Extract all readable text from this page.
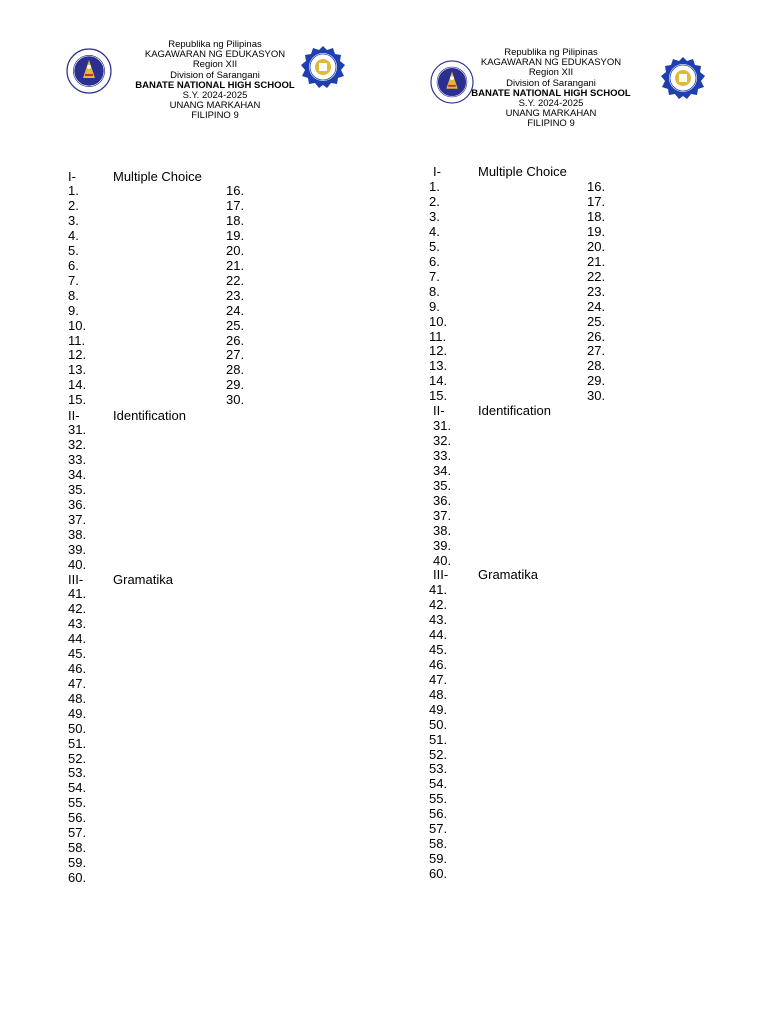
Republika ng Pilipinas
KAGAWARAN NG EDUKASYON
Region XII
Division of Sarangani
BANATE NATIONAL HIGH SCHOOL
S.Y. 2024-2025
UNANG MARKAHAN
FILIPINO 9
I-	Multiple Choice
1.
2.
3.
4.
5.
6.
7.
8.
9.
10.
11.
12.
13.
14.
15.
16.
17.
18.
19.
20.
21.
22.
23.
24.
25.
26.
27.
28.
29.
30.
II-	Identification
31.
32.
33.
34.
35.
36.
37.
38.
39.
40.
III- Gramatika
41.
42.
43.
44.
45.
46.
47.
48.
49.
50.
51.
52.
53.
54.
55.
56.
57.
58.
59.
60.
Republika ng Pilipinas
KAGAWARAN NG EDUKASYON
Region XII
Division of Sarangani
BANATE NATIONAL HIGH SCHOOL
S.Y. 2024-2025
UNANG MARKAHAN
FILIPINO 9
I-	Multiple Choice
1.
2.
3.
4.
5.
6.
7.
8.
9.
10.
11.
12.
13.
14.
15.
16.
17.
18.
19.
20.
21.
22.
23.
24.
25.
26.
27.
28.
29.
30.
II-	Identification
31.
32.
33.
34.
35.
36.
37.
38.
39.
40.
III- Gramatika
41.
42.
43.
44.
45.
46.
47.
48.
49.
50.
51.
52.
53.
54.
55.
56.
57.
58.
59.
60.
